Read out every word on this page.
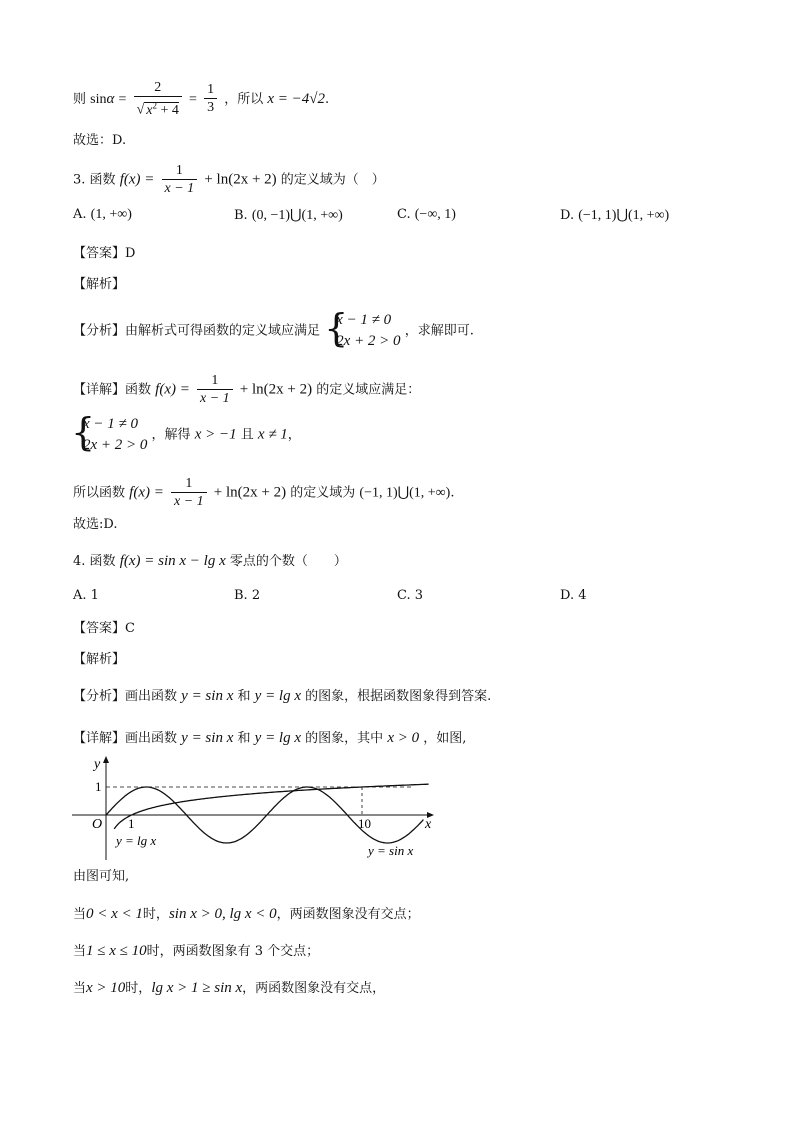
则 $\sin\alpha = \frac{2}{√ x^2 + 4} = \frac{1}{3}$ ，所以 x = −4√2.
故选：D.
3. 函数 $f(x) = \frac{1}{x - 1} + \ln(2x + 2)$ 的定义域为（　）
A. (1, +∞)	B. (0, −1)⋃(1, +∞)	C. (−∞, 1)	D. (−1, 1)⋃(1, +∞)
【答案】D
【解析】
【分析】由解析式可得函数的定义域应满足 {
x − 1 ≠ 0
2x + 2 > 0
，求解即可.
【详解】函数 $f(x) = \frac{1}{x - 1} + \ln(2x + 2)$ 的定义域应满足：
{
x − 1 ≠ 0
2x + 2 > 0
，解得 x > −1 且 x ≠ 1，
所以函数 $f(x) = \frac{1}{x - 1} + \ln(2x + 2)$ 的定义域为 (−1, 1)⋃(1, +∞).
故选:D.
4. 函数 f(x) = sin x − lg x 零点的个数（　　）
A. 1	B. 2	C. 3	D. 4
【答案】C
【解析】
【分析】画出函数 y = sin x 和 y = lg x 的图象，根据函数图象得到答案.
【详解】画出函数 y = sin x 和 y = lg x 的图象，其中 x > 0 ，如图,
y
1
O 1	10	x
y = lg x
y = sin x
由图可知,
当0 < x < 1时，sin x > 0, lg x < 0，两函数图象没有交点；
当1 ≤ x ≤ 10时，两函数图象有 3 个交点；
当x > 10时，lg x > 1 ≥ sin x，两函数图象没有交点，
